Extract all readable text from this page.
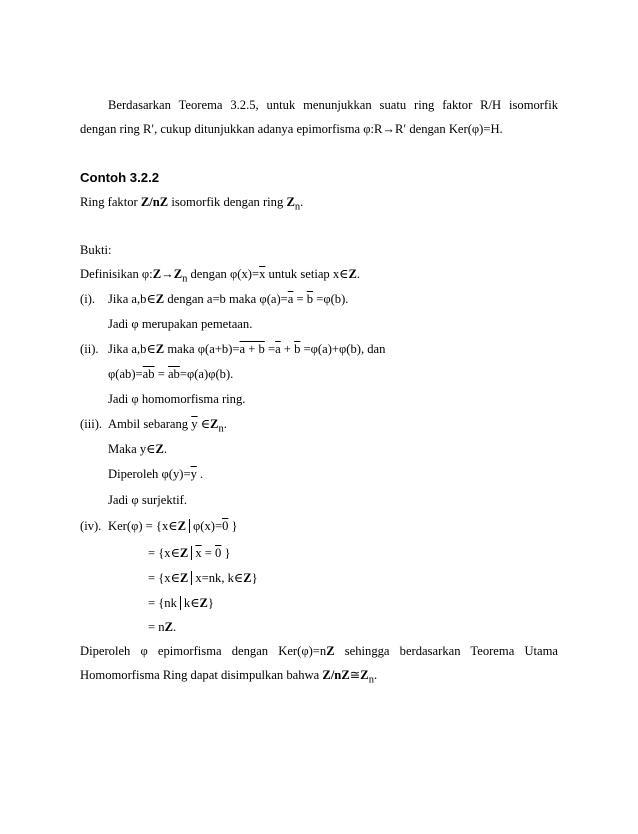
Berdasarkan Teorema 3.2.5, untuk menunjukkan suatu ring faktor R/H isomorfik
dengan ring R′, cukup ditunjukkan adanya epimorfisma φ:R→R′ dengan Ker(φ)=H.
Contoh 3.2.2
Ring faktor Z/nZ isomorfik dengan ring $Z_n$.
Bukti:
Definisikan $\varphi:Z\to Z_n$ dengan $\varphi(x)=\overline{x}$ untuk setiap x∈Z.
(i). Jika a,b∈Z dengan a=b maka $\varphi(a)=\overline{a} = \overline{b} =\varphi(b)$.
Jadi φ merupakan pemetaan.
(ii). Jika a,b∈Z maka $\varphi(a+b)=a + b =\overline{a} + \overline{b} =\varphi(a)+\varphi(b)$, dan
$\varphi(ab)=\overline{ab} = \overline{a}\overline{b}=\varphi(a)\varphi(b)$.
Jadi φ homomorfisma ring.
(iii). Ambil sebarang $\overline{y}$ $\in Z_n$.
Maka y∈Z.
Diperoleh $\varphi(y)=\overline{y}$ .
Jadi φ surjektif.
(iv). Ker(φ) = {x∈Z φ(x)=0 }
= {x∈Z $\overline{x} = 0$ }
= {x∈Z x=nk, k∈Z}
= {nk k∈Z}
= nZ.
Diperoleh φ epimorfisma dengan Ker(φ)=nZ sehingga berdasarkan Teorema Utama
Homomorfisma Ring dapat disimpulkan bahwa $Z/nZ≅Z_n$.
